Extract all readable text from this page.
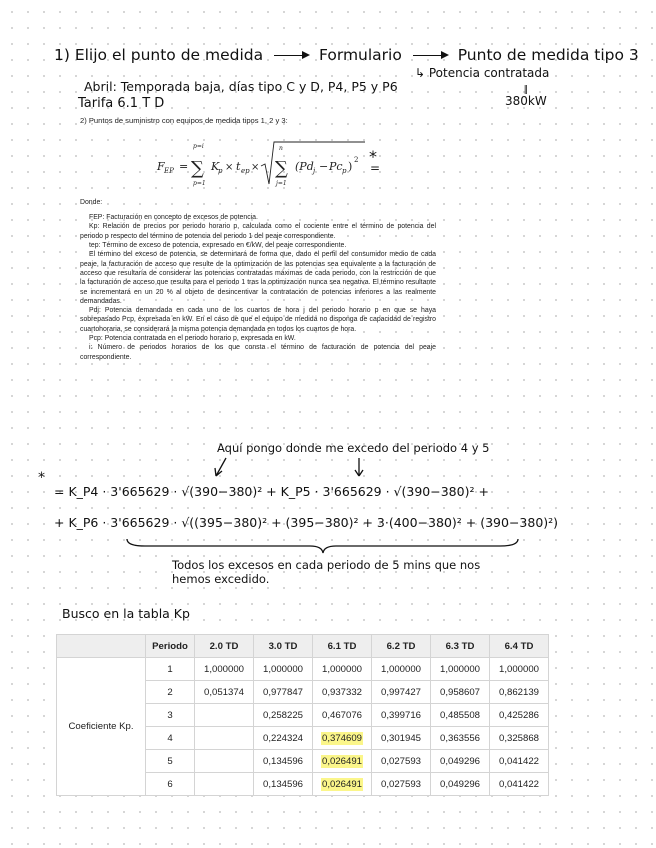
1) Elijo el punto de medida	Formulario	Punto de medida tipo 3
↳ Potencia contratada
‖
380kW
Abril: Temporada baja, días tipo C y D, P4, P5 y P6
Tarifa 6.1 T D
2) Puntos de suministro con equipos de medida tipos 1, 2 y 3:
F EP =
p=i
∑
p=1
K
p × t ep ×
n
∑
j=1
(Pd j − Pc p ) 2
=
*
Donde:

FEP: Facturación en concepto de excesos de potencia.

Kp: Relación de precios por periodo horario p, calculada como el cociente entre el término de potencia del periodo p respecto del término de potencia del periodo 1 del peaje correspondiente.

tep: Término de exceso de potencia, expresado en €/kW, del peaje correspondiente.

El término del exceso de potencia, se determinará de forma que, dado el perfil del consumidor medio de cada peaje, la facturación de acceso que resulte de la optimización de las potencias sea equivalente a la facturación de acceso que resultaría de considerar las potencias contratadas máximas de cada periodo, con la restricción de que la facturación de acceso que resulta para el periodo 1 tras la optimización nunca sea negativa. El término resultante se incrementará en un 20 % al objeto de desincentivar la contratación de potencias inferiores a las realmente demandadas.

Pdj: Potencia demandada en cada uno de los cuartos de hora j del periodo horario p en que se haya sobrepasado Pcp, expresada en kW. En el caso de que el equipo de medida no disponga de capacidad de registro cuartohoraria, se considerará la misma potencia demandada en todos los cuartos de hora.

Pcp: Potencia contratada en el periodo horario p, expresada en kW.

i: Número de periodos horarios de los que consta el término de facturación de potencia del peaje correspondiente.

Aquí pongo donde me excedo del periodo 4 y 5
*
= K_P4 · 3'665629 · √(390−380)² + K_P5 · 3'665629 · √(390−380)² +
+ K_P6 · 3'665629 · √((395−380)² + (395−380)² + 3·(400−380)² + (390−380)²)
Todos los excesos en cada periodo de 5 mins que nos
hemos excedido.
Busco en la tabla Kp
	Periodo	2.0 TD	3.0 TD	6.1 TD	6.2 TD	6.3 TD	6.4 TD
Coeficiente Kp.	1	1,000000	1,000000	1,000000	1,000000	1,000000	1,000000
	2	0,051374	0,977847	0,937332	0,997427	0,958607	0,862139
	3		0,258225	0,467076	0,399716	0,485508	0,425286
	4		0,224324	0,374609	0,301945	0,363556	0,325868
	5		0,134596	0,026491	0,027593	0,049296	0,041422
	6		0,134596	0,026491	0,027593	0,049296	0,041422
